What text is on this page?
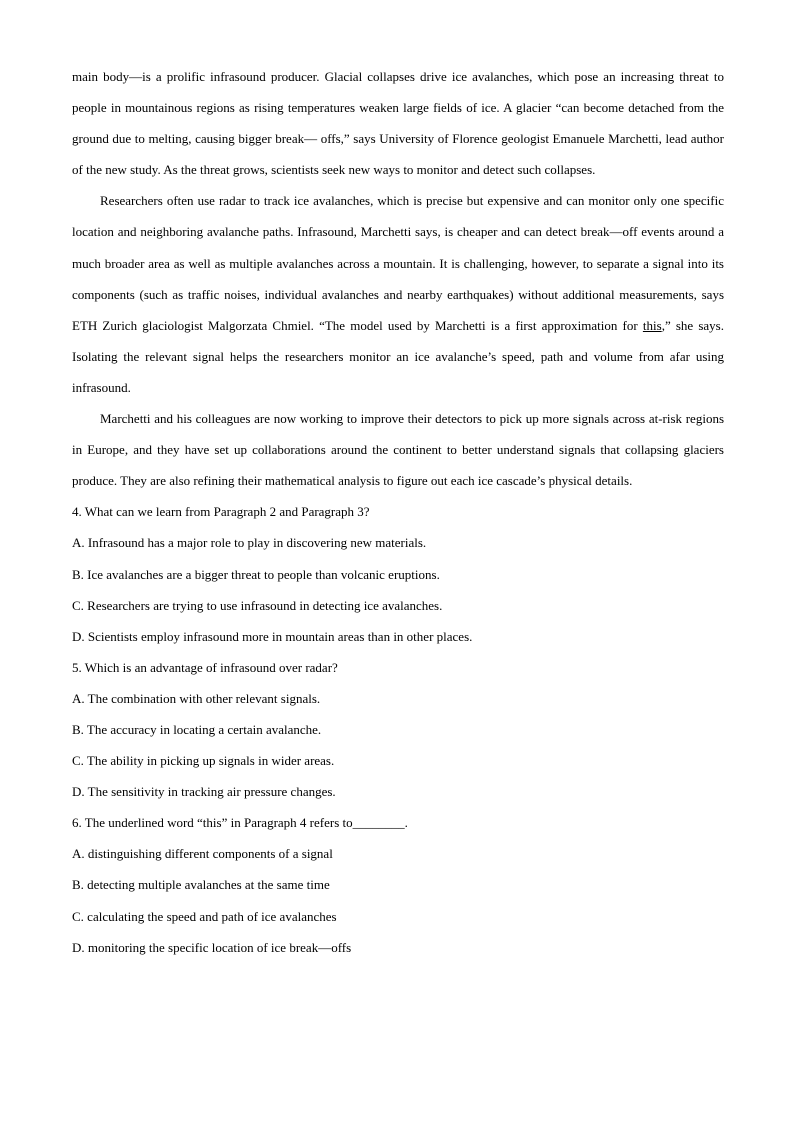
main body—is a prolific infrasound producer. Glacial collapses drive ice avalanches, which pose an increasing threat to people in mountainous regions as rising temperatures weaken large fields of ice. A glacier “can become detached from the ground due to melting, causing bigger break— offs,” says University of Florence geologist Emanuele Marchetti, lead author of the new study. As the threat grows, scientists seek new ways to monitor and detect such collapses.

Researchers often use radar to track ice avalanches, which is precise but expensive and can monitor only one specific location and neighboring avalanche paths. Infrasound, Marchetti says, is cheaper and can detect break—off events around a much broader area as well as multiple avalanches across a mountain. It is challenging, however, to separate a signal into its components (such as traffic noises, individual avalanches and nearby earthquakes) without additional measurements, says ETH Zurich glaciologist Malgorzata Chmiel. “The model used by Marchetti is a first approximation for this,” she says. Isolating the relevant signal helps the researchers monitor an ice avalanche’s speed, path and volume from afar using infrasound.

Marchetti and his colleagues are now working to improve their detectors to pick up more signals across at-risk regions in Europe, and they have set up collaborations around the continent to better understand signals that collapsing glaciers produce. They are also refining their mathematical analysis to figure out each ice cascade’s physical details.

4. What can we learn from Paragraph 2 and Paragraph 3?

A. Infrasound has a major role to play in discovering new materials.

B. Ice avalanches are a bigger threat to people than volcanic eruptions.

C. Researchers are trying to use infrasound in detecting ice avalanches.

D. Scientists employ infrasound more in mountain areas than in other places.

5. Which is an advantage of infrasound over radar?

A. The combination with other relevant signals.

B. The accuracy in locating a certain avalanche.

C. The ability in picking up signals in wider areas.

D. The sensitivity in tracking air pressure changes.

6. The underlined word “this” in Paragraph 4 refers to________.

A. distinguishing different components of a signal

B. detecting multiple avalanches at the same time

C. calculating the speed and path of ice avalanches

D. monitoring the specific location of ice break—offs
